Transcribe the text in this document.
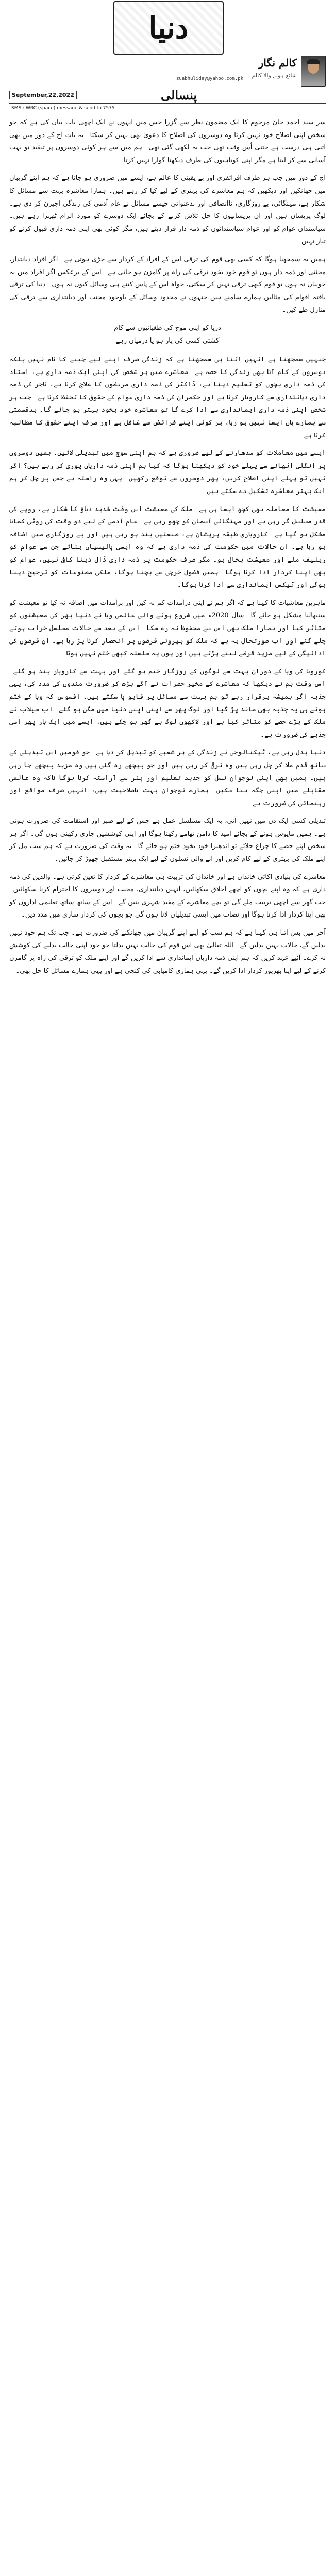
دنیا
کالم نگار
شائع ہونے والا کالم
zuabhulidey@yahoo.com.pk
پنسالی
September,22,2022
SMS : WRC (space) message & send to 7575

سر سید احمد خان مرحوم کا ایک مضمون نظر سے گزرا جس میں انہوں نے ایک اچھی بات بیان کی ہے کہ جو شخص اپنی اصلاح خود نہیں کرتا وہ دوسروں کی اصلاح کا دعویٰ بھی نہیں کر سکتا۔ یہ بات آج کے دور میں بھی اتنی ہی درست ہے جتنی اُس وقت تھی جب یہ لکھی گئی تھی۔ ہم میں سے ہر کوئی دوسروں پر تنقید تو بہت آسانی سے کر لیتا ہے مگر اپنی کوتاہیوں کی طرف دیکھنا گوارا نہیں کرتا۔

آج کے دور میں جب ہر طرف افراتفری اور بے یقینی کا عالم ہے، ایسے میں ضروری ہو جاتا ہے کہ ہم اپنے گریبان میں جھانکیں اور دیکھیں کہ ہم معاشرے کی بہتری کے لیے کیا کر رہے ہیں۔ ہمارا معاشرہ بہت سے مسائل کا شکار ہے، مہنگائی، بے روزگاری، ناانصافی اور بدعنوانی جیسے مسائل نے عام آدمی کی زندگی اجیرن کر دی ہے۔ لوگ پریشان ہیں اور ان پریشانیوں کا حل تلاش کرنے کے بجائے ایک دوسرے کو مورد الزام ٹھہرا رہے ہیں۔ سیاستدان عوام کو اور عوام سیاستدانوں کو ذمہ دار قرار دیتے ہیں، مگر کوئی بھی اپنی ذمہ داری قبول کرنے کو تیار نہیں۔

ہمیں یہ سمجھنا ہوگا کہ کسی بھی قوم کی ترقی اس کے افراد کے کردار سے جڑی ہوتی ہے۔ اگر افراد دیانتدار، محنتی اور ذمہ دار ہوں تو قوم خود بخود ترقی کی راہ پر گامزن ہو جاتی ہے۔ اس کے برعکس اگر افراد میں یہ خوبیاں نہ ہوں تو قوم کبھی ترقی نہیں کر سکتی، خواہ اس کے پاس کتنے ہی وسائل کیوں نہ ہوں۔ دنیا کی ترقی یافتہ اقوام کی مثالیں ہمارے سامنے ہیں جنہوں نے محدود وسائل کے باوجود محنت اور دیانتداری سے ترقی کی منازل طے کیں۔

دریا کو اپنی موج کی طغیانیوں سے کام
کشتی کسی کی پار ہو یا درمیاں رہے

جنہیں سمجھنا ہے انہیں اتنا ہی سمجھنا ہے کہ زندگی صرف اپنے لیے جینے کا نام نہیں بلکہ دوسروں کے کام آنا بھی زندگی کا حصہ ہے۔ معاشرے میں ہر شخص کی اپنی ایک ذمہ داری ہے، استاد کی ذمہ داری بچوں کو تعلیم دینا ہے، ڈاکٹر کی ذمہ داری مریضوں کا علاج کرنا ہے، تاجر کی ذمہ داری دیانتداری سے کاروبار کرنا ہے اور حکمران کی ذمہ داری عوام کے حقوق کا تحفظ کرنا ہے۔ جب ہر شخص اپنی ذمہ داری ایمانداری سے ادا کرے گا تو معاشرہ خود بخود بہتر ہو جائے گا۔ بدقسمتی سے ہمارے ہاں ایسا نہیں ہو رہا، ہر کوئی اپنے فرائض سے غافل ہے اور صرف اپنے حقوق کا مطالبہ کرتا ہے۔

ایسے میں معاملات کو سدھارنے کے لیے ضروری ہے کہ ہم اپنی سوچ میں تبدیلی لائیں۔ ہمیں دوسروں پر انگلی اٹھانے سے پہلے خود کو دیکھنا ہوگا کہ کیا ہم اپنی ذمہ داریاں پوری کر رہے ہیں؟ اگر نہیں تو پہلے اپنی اصلاح کریں، پھر دوسروں سے توقع رکھیں۔ یہی وہ راستہ ہے جس پر چل کر ہم ایک بہتر معاشرہ تشکیل دے سکتے ہیں۔

معیشت کا معاملہ بھی کچھ ایسا ہی ہے۔ ملک کی معیشت اس وقت شدید دباؤ کا شکار ہے، روپے کی قدر مسلسل گر رہی ہے اور مہنگائی آسمان کو چھو رہی ہے۔ عام آدمی کے لیے دو وقت کی روٹی کمانا مشکل ہو گیا ہے۔ کاروباری طبقہ پریشان ہے، صنعتیں بند ہو رہی ہیں اور بے روزگاری میں اضافہ ہو رہا ہے۔ ان حالات میں حکومت کی ذمہ داری ہے کہ وہ ایسی پالیسیاں بنائے جن سے عوام کو ریلیف ملے اور معیشت بحال ہو۔ مگر صرف حکومت پر ذمہ داری ڈال دینا کافی نہیں، عوام کو بھی اپنا کردار ادا کرنا ہوگا۔ ہمیں فضول خرچی سے بچنا ہوگا، ملکی مصنوعات کو ترجیح دینا ہوگی اور ٹیکس ایمانداری سے ادا کرنا ہوگا۔

ماہرین معاشیات کا کہنا ہے کہ اگر ہم نے اپنی درآمدات کم نہ کیں اور برآمدات میں اضافہ نہ کیا تو معیشت کو سنبھالنا مشکل ہو جائے گا۔ سال 2020ء میں شروع ہونے والی عالمی وبا نے دنیا بھر کی معیشتوں کو متاثر کیا اور ہمارا ملک بھی اس سے محفوظ نہ رہ سکا۔ اس کے بعد سے حالات مسلسل خراب ہوتے چلے گئے اور اب صورتحال یہ ہے کہ ملک کو بیرونی قرضوں پر انحصار کرنا پڑ رہا ہے۔ ان قرضوں کی ادائیگی کے لیے مزید قرضے لینے پڑتے ہیں اور یوں یہ سلسلہ کبھی ختم نہیں ہوتا۔

کورونا کی وبا کے دوران بہت سے لوگوں کے روزگار ختم ہو گئے اور بہت سے کاروبار بند ہو گئے۔ اس وقت ہم نے دیکھا کہ معاشرے کے مخیر حضرات نے آگے بڑھ کر ضرورت مندوں کی مدد کی، یہی جذبہ اگر ہمیشہ برقرار رہے تو ہم بہت سے مسائل پر قابو پا سکتے ہیں۔ افسوس کہ وبا کے ختم ہوتے ہی یہ جذبہ بھی ماند پڑ گیا اور لوگ پھر سے اپنی اپنی دنیا میں مگن ہو گئے۔ اب سیلاب نے ملک کے بڑے حصے کو متاثر کیا ہے اور لاکھوں لوگ بے گھر ہو چکے ہیں، ایسے میں ایک بار پھر اسی جذبے کی ضرورت ہے۔

دنیا بدل رہی ہے، ٹیکنالوجی نے زندگی کے ہر شعبے کو تبدیل کر دیا ہے۔ جو قومیں اس تبدیلی کے ساتھ قدم ملا کر چل رہی ہیں وہ ترقی کر رہی ہیں اور جو پیچھے رہ گئی ہیں وہ مزید پیچھے جا رہی ہیں۔ ہمیں بھی اپنی نوجوان نسل کو جدید تعلیم اور ہنر سے آراستہ کرنا ہوگا تاکہ وہ عالمی مقابلے میں اپنی جگہ بنا سکیں۔ ہمارے نوجوان بہت باصلاحیت ہیں، انہیں صرف مواقع اور رہنمائی کی ضرورت ہے۔

تبدیلی کسی ایک دن میں نہیں آتی، یہ ایک مسلسل عمل ہے جس کے لیے صبر اور استقامت کی ضرورت ہوتی ہے۔ ہمیں مایوس ہونے کے بجائے امید کا دامن تھامے رکھنا ہوگا اور اپنی کوششیں جاری رکھنی ہوں گی۔ اگر ہر شخص اپنے حصے کا چراغ جلائے تو اندھیرا خود بخود ختم ہو جائے گا۔ یہ وقت کی ضرورت ہے کہ ہم سب مل کر اپنے ملک کی بہتری کے لیے کام کریں اور آنے والی نسلوں کے لیے ایک بہتر مستقبل چھوڑ کر جائیں۔

معاشرے کی بنیادی اکائی خاندان ہے اور خاندان کی تربیت ہی معاشرے کے کردار کا تعین کرتی ہے۔ والدین کی ذمہ داری ہے کہ وہ اپنے بچوں کو اچھے اخلاق سکھائیں، انہیں دیانتداری، محنت اور دوسروں کا احترام کرنا سکھائیں۔ جب گھر سے اچھی تربیت ملے گی تو بچے معاشرے کے مفید شہری بنیں گے۔ اس کے ساتھ ساتھ تعلیمی اداروں کو بھی اپنا کردار ادا کرنا ہوگا اور نصاب میں ایسی تبدیلیاں لانا ہوں گی جو بچوں کی کردار سازی میں مدد دیں۔

آخر میں بس اتنا ہی کہنا ہے کہ ہم سب کو اپنے اپنے گریبان میں جھانکنے کی ضرورت ہے۔ جب تک ہم خود نہیں بدلیں گے، حالات نہیں بدلیں گے۔ اللہ تعالیٰ بھی اس قوم کی حالت نہیں بدلتا جو خود اپنی حالت بدلنے کی کوشش نہ کرے۔ آئیے عہد کریں کہ ہم اپنی ذمہ داریاں ایمانداری سے ادا کریں گے اور اپنے ملک کو ترقی کی راہ پر گامزن کرنے کے لیے اپنا بھرپور کردار ادا کریں گے۔ یہی ہماری کامیابی کی کنجی ہے اور یہی ہمارے مسائل کا حل بھی۔
